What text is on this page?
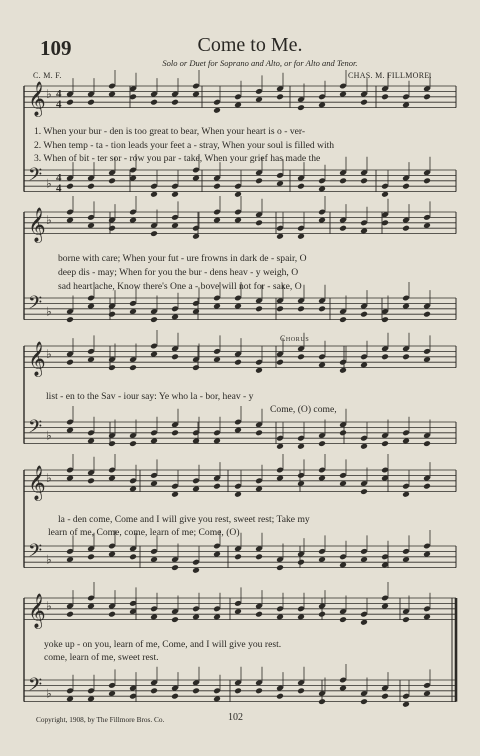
109	Come to Me.
Solo or Duet for Soprano and Alto, or for Alto and Tenor.
C. M. F.	CHAS. M. FILLMORE.
𝄞 ♭ 4
4
𝄢 ♭ 4
4
𝄞 ♭
𝄢 ♭
𝄞 ♭
𝄢 ♭
𝄞 ♭
𝄢 ♭
𝄞 ♭
𝄢 ♭
Chorus
1. When your bur - den is too great to bear, When your heart is o - ver-
2. When temp - ta - tion leads your feet a - stray, When your soul is filled with
3. When of bit - ter sor - row you par - take, When your grief has made the
borne with care; When your fut - ure frowns in dark de - spair, O
deep dis - may; When for you the bur - dens heav - y weigh, O
sad heart ache, Know there's One a - bove will not for - sake, O
list - en to the Sav - iour say: Ye who la - bor, heav - y
Come, (O) come,
la - den come, Come and I will give you rest, sweet rest; Take my
learn of me, Come, come, learn of me; Come, (O)
yoke up - on you, learn of me, Come, and I will give you rest.
come, learn of me, sweet rest.
Copyright, 1908, by The Fillmore Bros. Co.	102
